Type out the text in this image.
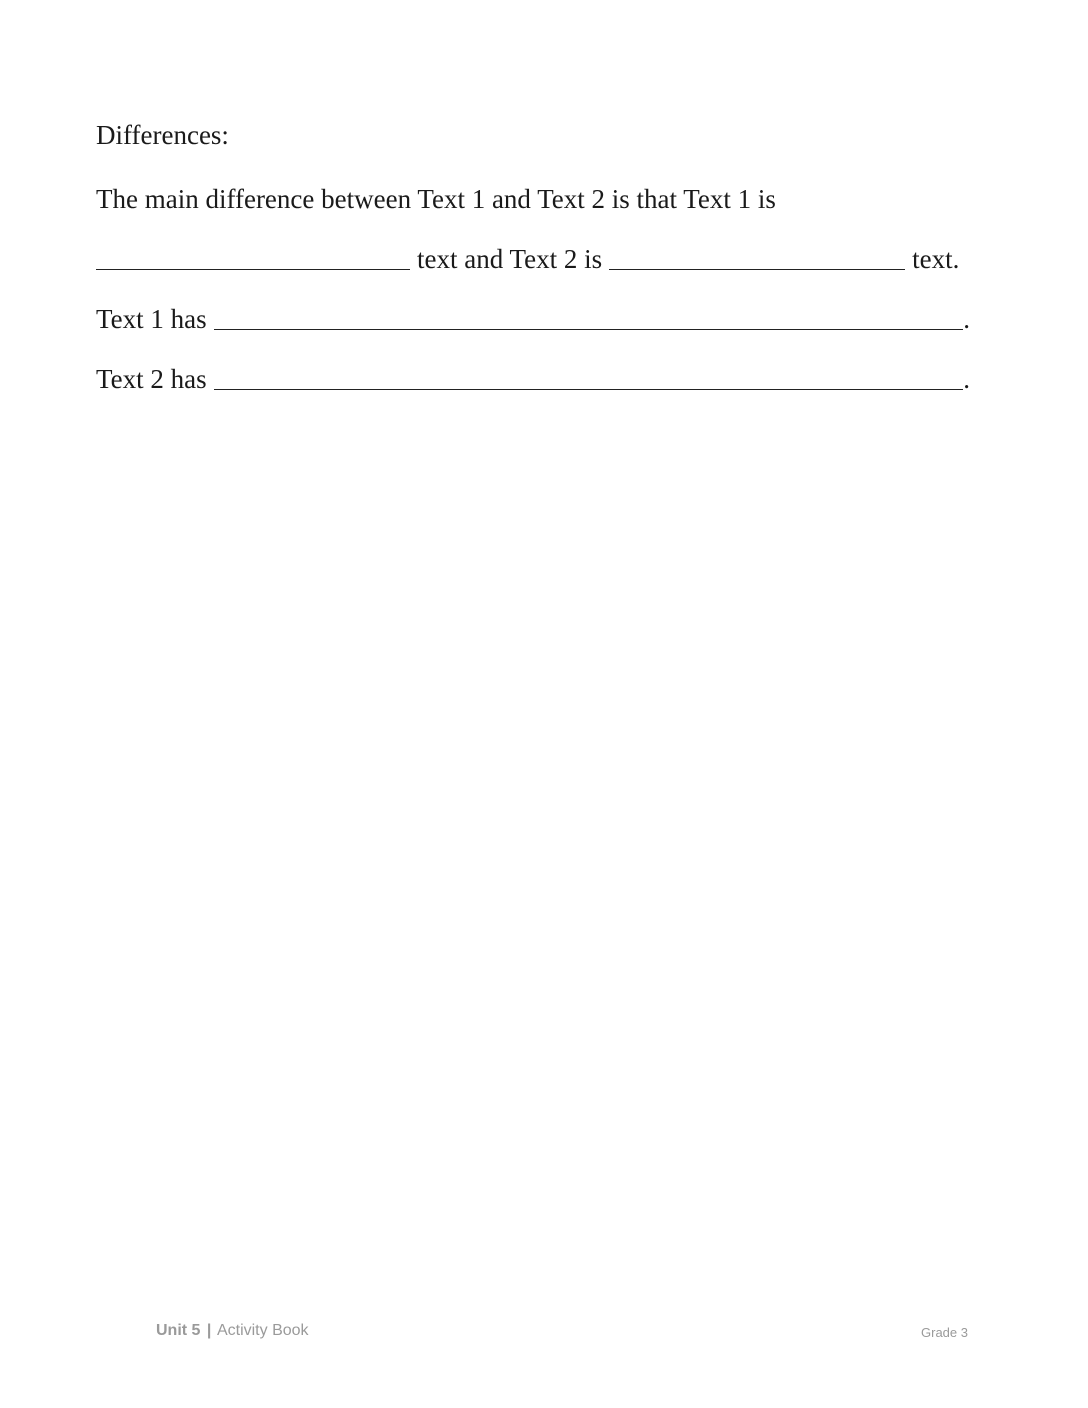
Differences:
The main difference between Text 1 and Text 2 is that Text 1 is
text and Text 2 is	text.
Text 1 has	.
Text 2 has	.
Unit 5 | Activity Book	Grade 3
